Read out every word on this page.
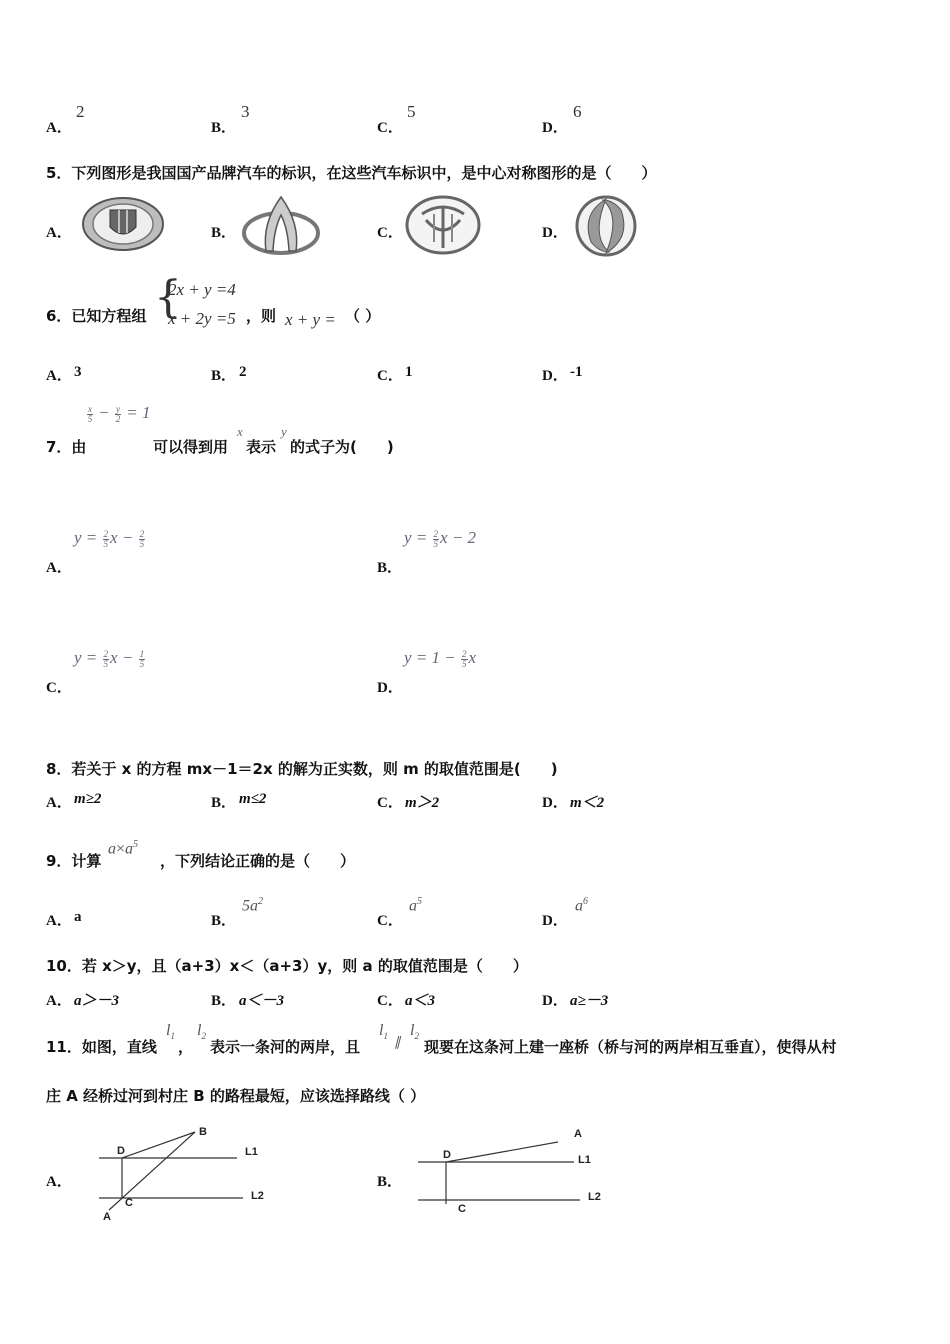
A．
2
B．
3
C．
5
D．
6
5．下列图形是我国国产品牌汽车的标识，在这些汽车标识中，是中心对称图形的是（　　）
A．	B．	C．	D．
6．已知方程组 {
2x + y =4
x + 2y =5 ，则 x + y = （ ）
A． 3	B． 2	C． 1	D． -1
$\frac{x}{5} - \frac{y}{2} = 1$
7．由	可以得到用
x
表示
y
的式子为(　　)
A．
$y = \frac{2}{5}$ $x - \frac{2}{5}$
B．
$y = \frac{2}{5}$ x − 2
C．
$y = \frac{2}{5}$ $x - \frac{1}{5}$
D．
$y = 1 - \frac{2}{5}$ x
8．若关于 x 的方程 mx－1＝2x 的解为正实数，则 m 的取值范围是(　　)
A． m≥2	B． m≤2	C． m＞2	D． m＜2
9．计算
$a\times a^5$
，下列结论正确的是（　　）
A． a	B．
$5a^2$
C．
$a^5$
D．
$a^6$
10．若 x＞y，且（a+3）x＜（a+3）y，则 a 的取值范围是（　　）
A． a＞－3	B． a＜－3	C． a＜3	D． a≥－3
11．如图，直线
$l_1$
，
$l_2$
表示一条河的两岸，且
$l_1$ ∥
$l_2$
现要在这条河上建一座桥（桥与河的两岸相互垂直），使得从村
庄 A 经桥过河到村庄 B 的路程最短，应该选择路线（ ）
A．
B
D
C
A
L1
L2
B．
A
D
C
L1
L2
